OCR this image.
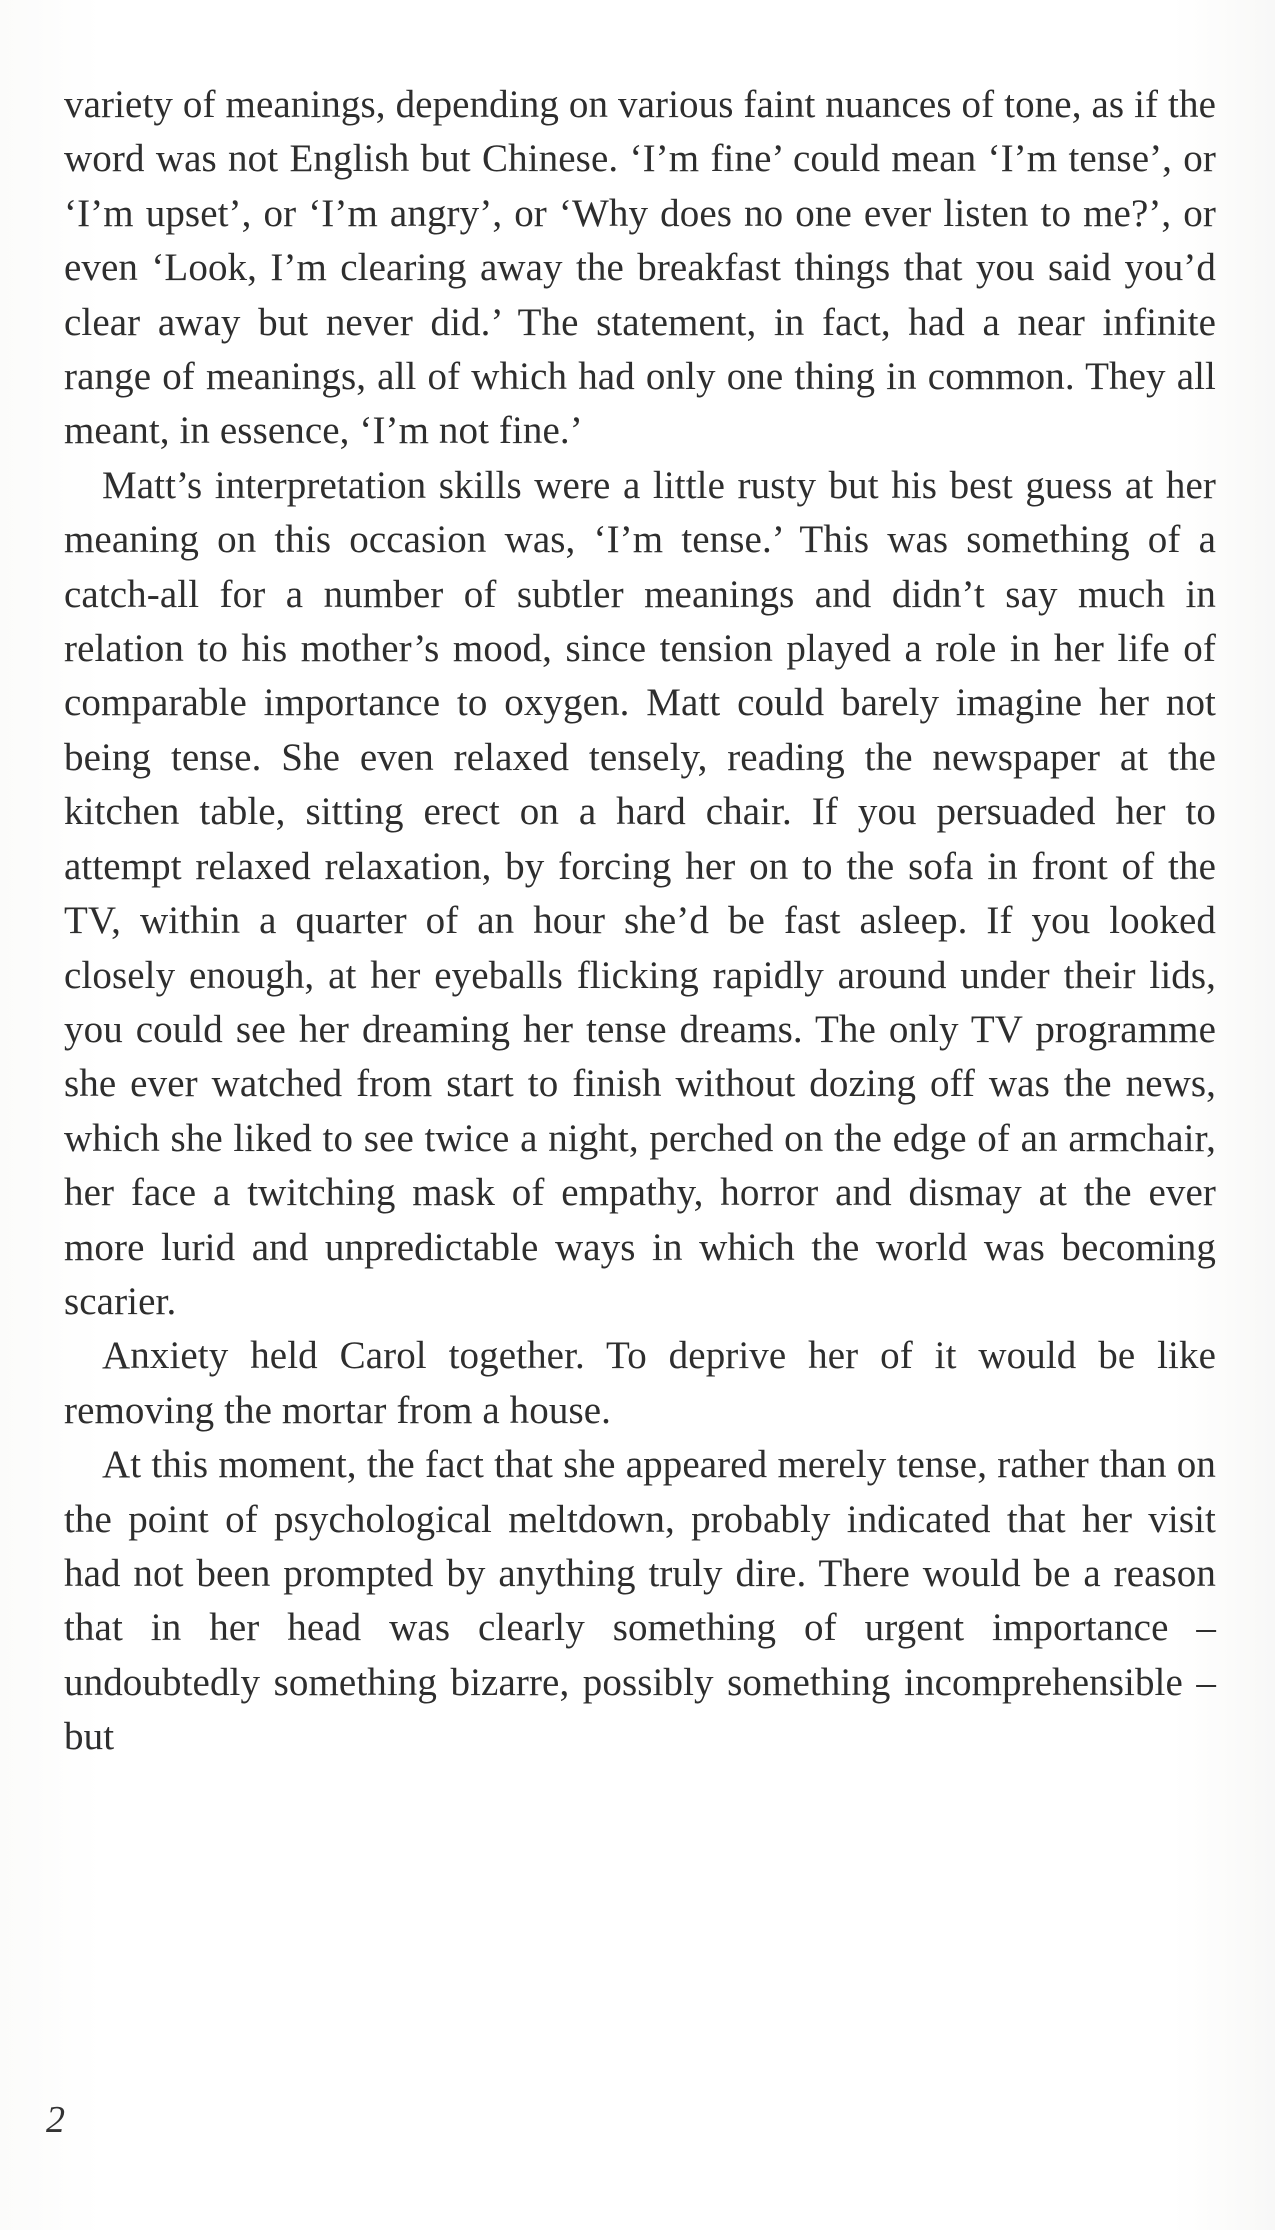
variety of meanings, depending on various faint nuances of tone, as if the word was not English but Chinese. ‘I’m fine’ could mean ‘I’m tense’, or ‘I’m upset’, or ‘I’m angry’, or ‘Why does no one ever listen to me?’, or even ‘Look, I’m clearing away the breakfast things that you said you’d clear away but never did.’ The statement, in fact, had a near infinite range of meanings, all of which had only one thing in common. They all meant, in essence, ‘I’m not fine.’

Matt’s interpretation skills were a little rusty but his best guess at her meaning on this occasion was, ‘I’m tense.’ This was something of a catch-all for a number of subtler meanings and didn’t say much in relation to his mother’s mood, since tension played a role in her life of comparable importance to oxygen. Matt could barely imagine her not being tense. She even relaxed tensely, reading the newspaper at the kitchen table, sitting erect on a hard chair. If you persuaded her to attempt relaxed relaxation, by forcing her on to the sofa in front of the TV, within a quarter of an hour she’d be fast asleep. If you looked closely enough, at her eyeballs flicking rapidly around under their lids, you could see her dreaming her tense dreams. The only TV programme she ever watched from start to finish without dozing off was the news, which she liked to see twice a night, perched on the edge of an armchair, her face a twitching mask of empathy, horror and dismay at the ever more lurid and unpredictable ways in which the world was becoming scarier.

Anxiety held Carol together. To deprive her of it would be like removing the mortar from a house.

At this moment, the fact that she appeared merely tense, rather than on the point of psychological meltdown, probably indicated that her visit had not been prompted by anything truly dire. There would be a reason that in her head was clearly something of urgent importance – undoubtedly something bizarre, possibly something incomprehensible – but

2
